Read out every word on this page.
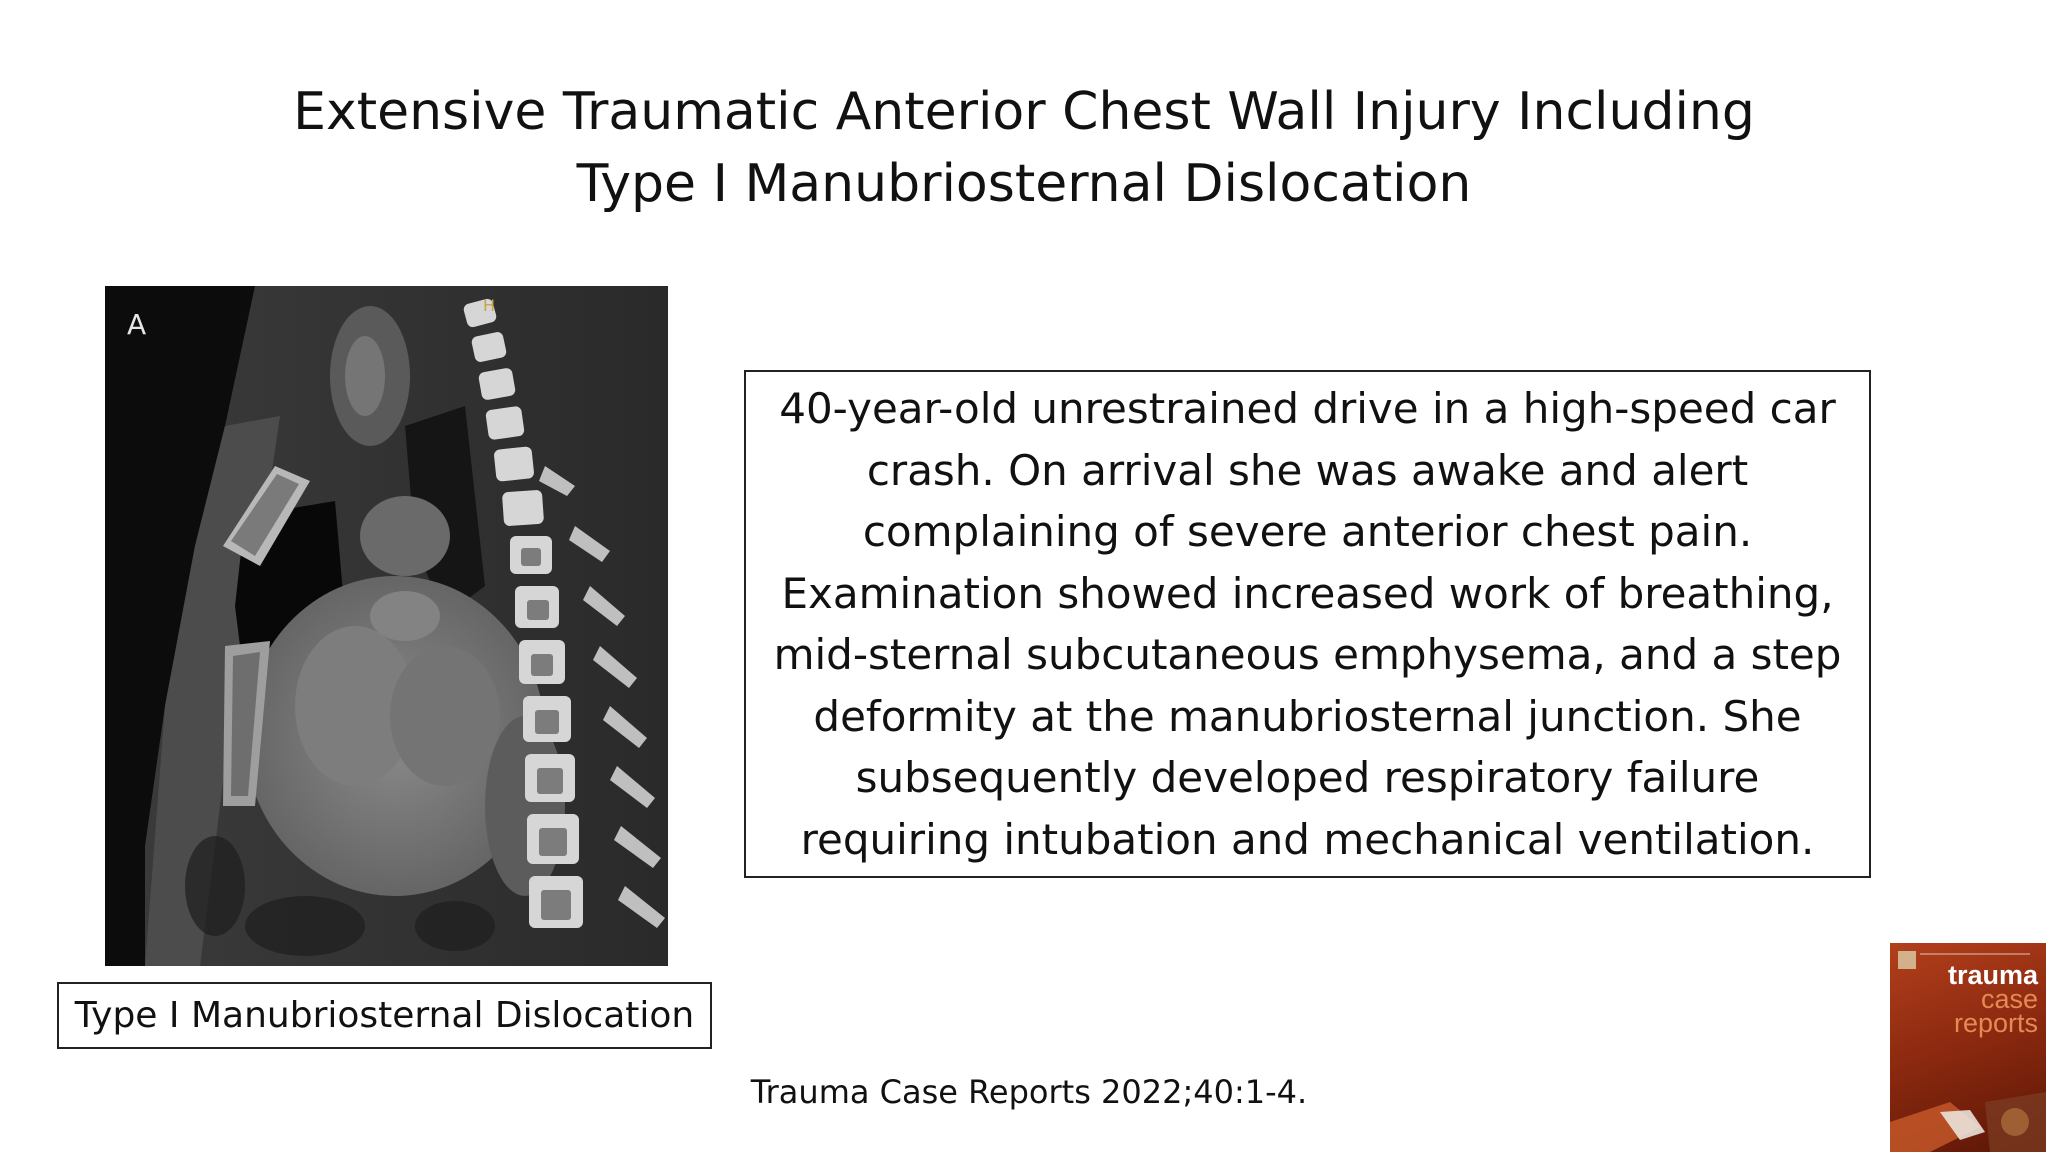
Extensive Traumatic Anterior Chest Wall Injury Including
Type I Manubriosternal Dislocation
A
H
Type I Manubriosternal Dislocation
40-year-old unrestrained drive in a high-speed car
crash. On arrival she was awake and alert
complaining of severe anterior chest pain.
Examination showed increased work of breathing,
mid-sternal subcutaneous emphysema, and a step
deformity at the manubriosternal junction. She
subsequently developed respiratory failure
requiring intubation and mechanical ventilation.
Trauma Case Reports 2022;40:1-4.
trauma
case
reports
